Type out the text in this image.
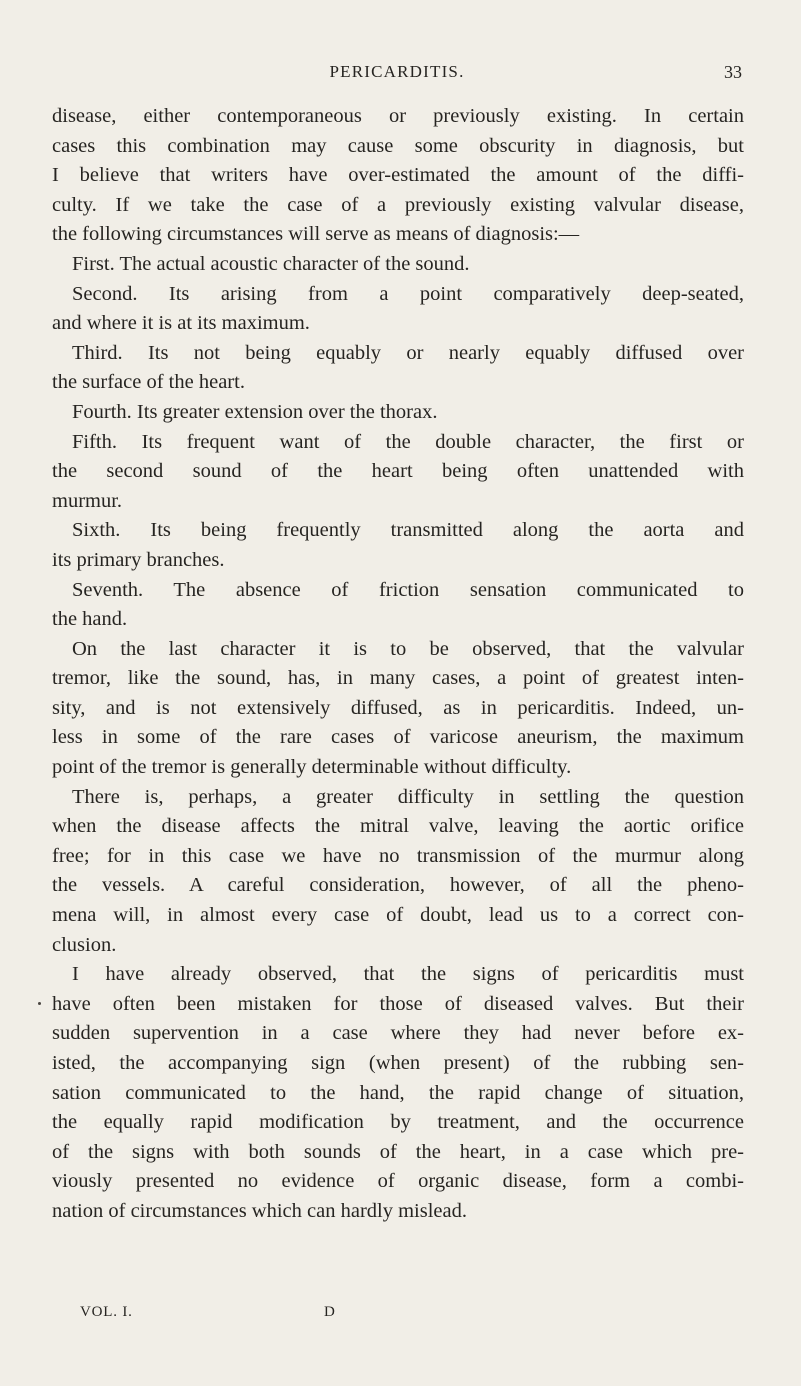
PERICARDITIS.	33
disease, either contemporaneous or previously existing. In certain
cases this combination may cause some obscurity in diagnosis, but
I believe that writers have over-estimated the amount of the diffi-
culty. If we take the case of a previously existing valvular disease,
the following circumstances will serve as means of diagnosis:—
First. The actual acoustic character of the sound.
Second. Its arising from a point comparatively deep-seated,
and where it is at its maximum.
Third. Its not being equably or nearly equably diffused over
the surface of the heart.
Fourth. Its greater extension over the thorax.
Fifth. Its frequent want of the double character, the first or
the second sound of the heart being often unattended with
murmur.
Sixth. Its being frequently transmitted along the aorta and
its primary branches.
Seventh. The absence of friction sensation communicated to
the hand.
On the last character it is to be observed, that the valvular
tremor, like the sound, has, in many cases, a point of greatest inten-
sity, and is not extensively diffused, as in pericarditis. Indeed, un-
less in some of the rare cases of varicose aneurism, the maximum
point of the tremor is generally determinable without difficulty.
There is, perhaps, a greater difficulty in settling the question
when the disease affects the mitral valve, leaving the aortic orifice
free; for in this case we have no transmission of the murmur along
the vessels. A careful consideration, however, of all the pheno-
mena will, in almost every case of doubt, lead us to a correct con-
clusion.
I have already observed, that the signs of pericarditis must
have often been mistaken for those of diseased valves. But their
sudden supervention in a case where they had never before ex-
isted, the accompanying sign (when present) of the rubbing sen-
sation communicated to the hand, the rapid change of situation,
the equally rapid modification by treatment, and the occurrence
of the signs with both sounds of the heart, in a case which pre-
viously presented no evidence of organic disease, form a combi-
nation of circumstances which can hardly mislead.
VOL. I.	D
